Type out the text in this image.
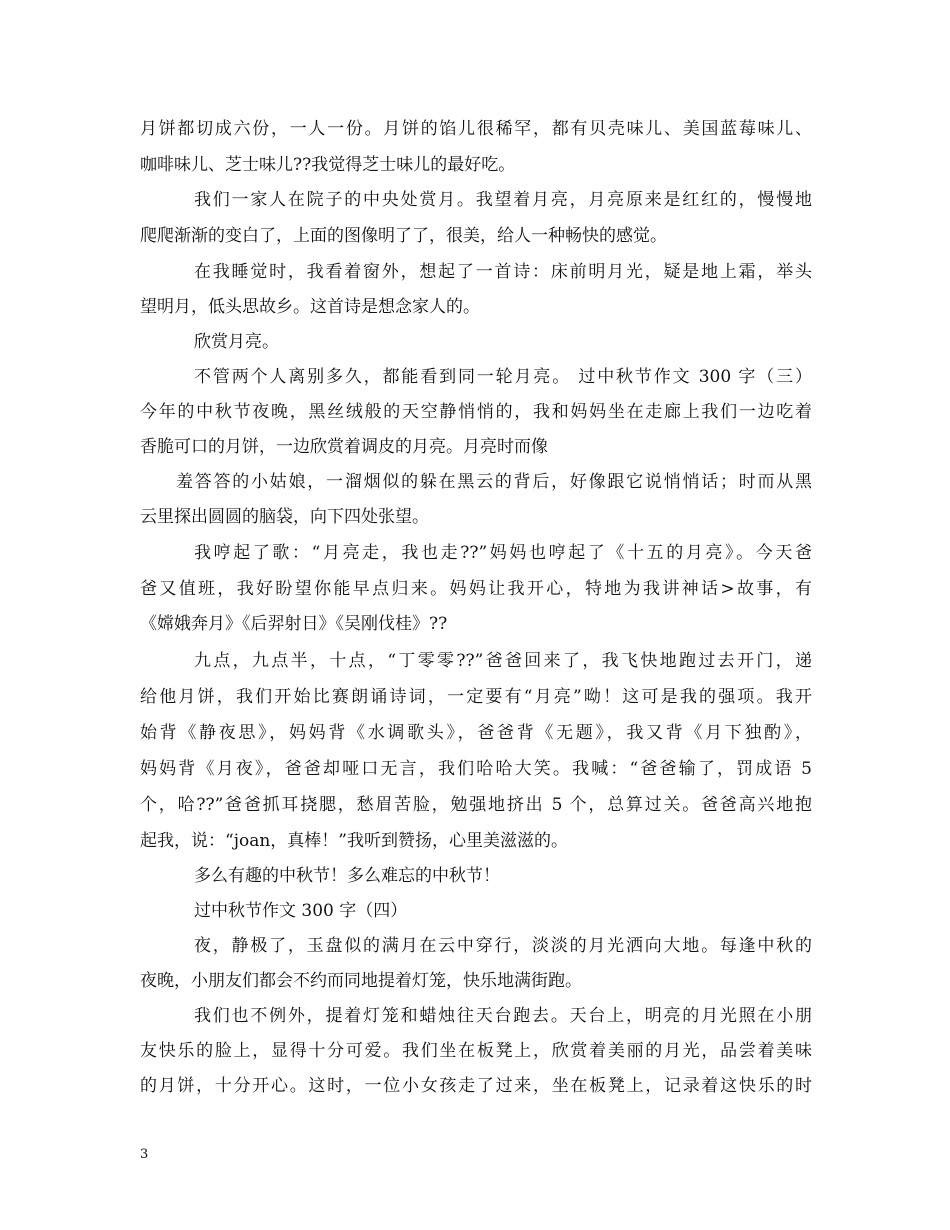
月饼都切成六份，一人一份。月饼的馅儿很稀罕，都有贝壳味儿、美国蓝莓味儿、
咖啡味儿、芝士味儿??我觉得芝士味儿的最好吃。
我们一家人在院子的中央处赏月。我望着月亮，月亮原来是红红的，慢慢地
爬爬渐渐的变白了，上面的图像明了了，很美，给人一种畅快的感觉。
在我睡觉时，我看着窗外，想起了一首诗：床前明月光，疑是地上霜，举头
望明月，低头思故乡。这首诗是想念家人的。
欣赏月亮。
不管两个人离别多久，都能看到同一轮月亮。 过中秋节作文 300 字（三）
今年的中秋节夜晚，黑丝绒般的天空静悄悄的，我和妈妈坐在走廊上我们一边吃着
香脆可口的月饼，一边欣赏着调皮的月亮。月亮时而像
羞答答的小姑娘，一溜烟似的躲在黑云的背后，好像跟它说悄悄话；时而从黑
云里探出圆圆的脑袋，向下四处张望。
我哼起了歌：“月亮走，我也走??”妈妈也哼起了《十五的月亮》。今天爸
爸又值班，我好盼望你能早点归来。妈妈让我开心，特地为我讲神话>故事，有
《嫦娥奔月》《后羿射日》《吴刚伐桂》??
九点，九点半，十点，“丁零零??”爸爸回来了，我飞快地跑过去开门，递
给他月饼，我们开始比赛朗诵诗词，一定要有“月亮”呦！这可是我的强项。我开
始背《静夜思》，妈妈背《水调歌头》，爸爸背《无题》，我又背《月下独酌》，
妈妈背《月夜》，爸爸却哑口无言，我们哈哈大笑。我喊：“爸爸输了，罚成语 5
个，哈??”爸爸抓耳挠腮，愁眉苦脸，勉强地挤出 5 个，总算过关。爸爸高兴地抱
起我，说：“joan，真棒！”我听到赞扬，心里美滋滋的。
多么有趣的中秋节！多么难忘的中秋节！
过中秋节作文 300 字（四）
夜，静极了，玉盘似的满月在云中穿行，淡淡的月光洒向大地。每逢中秋的
夜晚，小朋友们都会不约而同地提着灯笼，快乐地满街跑。
我们也不例外，提着灯笼和蜡烛往天台跑去。天台上，明亮的月光照在小朋
友快乐的脸上，显得十分可爱。我们坐在板凳上，欣赏着美丽的月光，品尝着美味
的月饼，十分开心。这时，一位小女孩走了过来，坐在板凳上，记录着这快乐的时
3
